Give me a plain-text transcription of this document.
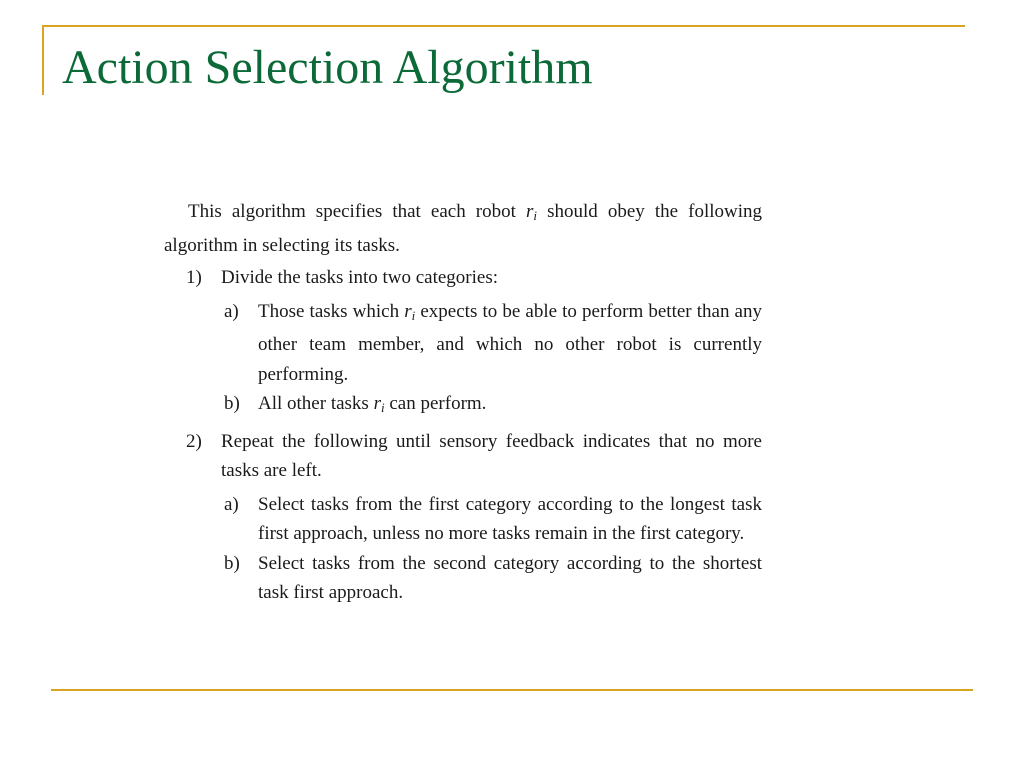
Action Selection Algorithm

This algorithm specifies that each robot ri should obey the following algorithm in selecting its tasks.

1) Divide the tasks into two categories:
a) Those tasks which ri expects to be able to perform better than any other team member, and which no other robot is currently performing.
b) All other tasks ri can perform.
2) Repeat the following until sensory feedback indicates that no more tasks are left.
a) Select tasks from the first category according to the longest task first approach, unless no more tasks remain in the first category.
b) Select tasks from the second category according to the shortest task first approach.
